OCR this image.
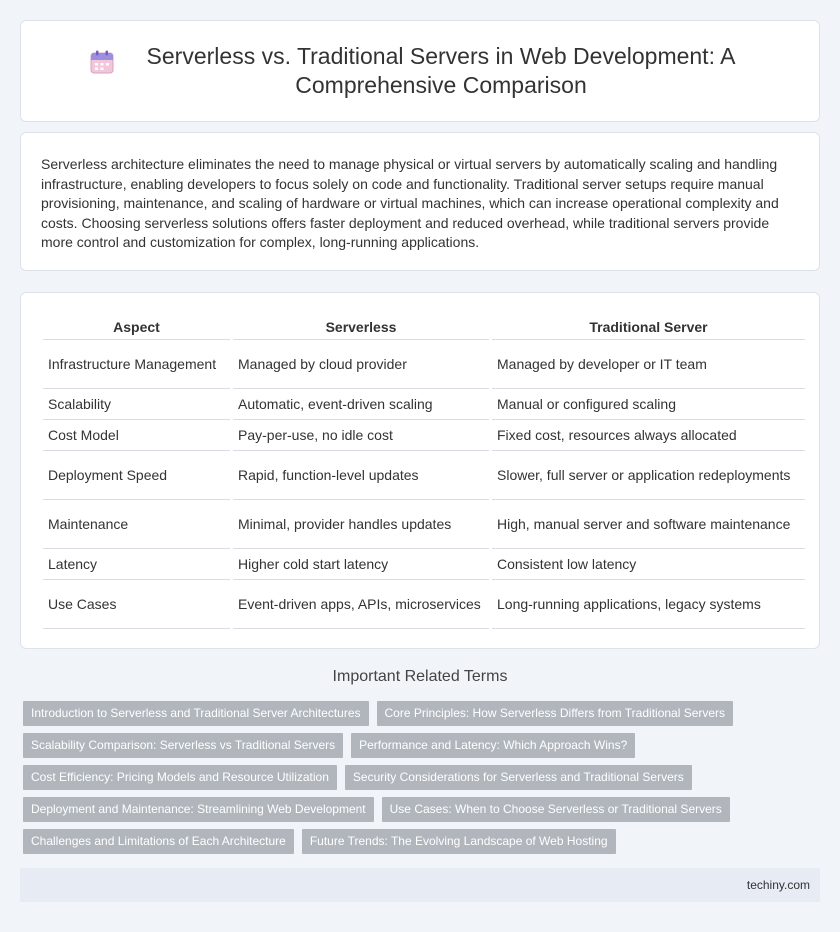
Serverless vs. Traditional Servers in Web Development: A Comprehensive Comparison

Serverless architecture eliminates the need to manage physical or virtual servers by automatically scaling and handling infrastructure, enabling developers to focus solely on code and functionality. Traditional server setups require manual provisioning, maintenance, and scaling of hardware or virtual machines, which can increase operational complexity and costs. Choosing serverless solutions offers faster deployment and reduced overhead, while traditional servers provide more control and customization for complex, long-running applications.

Aspect	Serverless	Traditional Server
Infrastructure Management	Managed by cloud provider	Managed by developer or IT team
Scalability	Automatic, event-driven scaling	Manual or configured scaling
Cost Model	Pay-per-use, no idle cost	Fixed cost, resources always allocated
Deployment Speed	Rapid, function-level updates	Slower, full server or application redeployments
Maintenance	Minimal, provider handles updates	High, manual server and software maintenance
Latency	Higher cold start latency	Consistent low latency
Use Cases	Event-driven apps, APIs, microservices	Long-running applications, legacy systems
Important Related Terms
Introduction to Serverless and Traditional Server Architectures	Core Principles: How Serverless Differs from Traditional Servers
Scalability Comparison: Serverless vs Traditional Servers	Performance and Latency: Which Approach Wins?
Cost Efficiency: Pricing Models and Resource Utilization	Security Considerations for Serverless and Traditional Servers
Deployment and Maintenance: Streamlining Web Development	Use Cases: When to Choose Serverless or Traditional Servers
Challenges and Limitations of Each Architecture	Future Trends: The Evolving Landscape of Web Hosting
techiny.com
